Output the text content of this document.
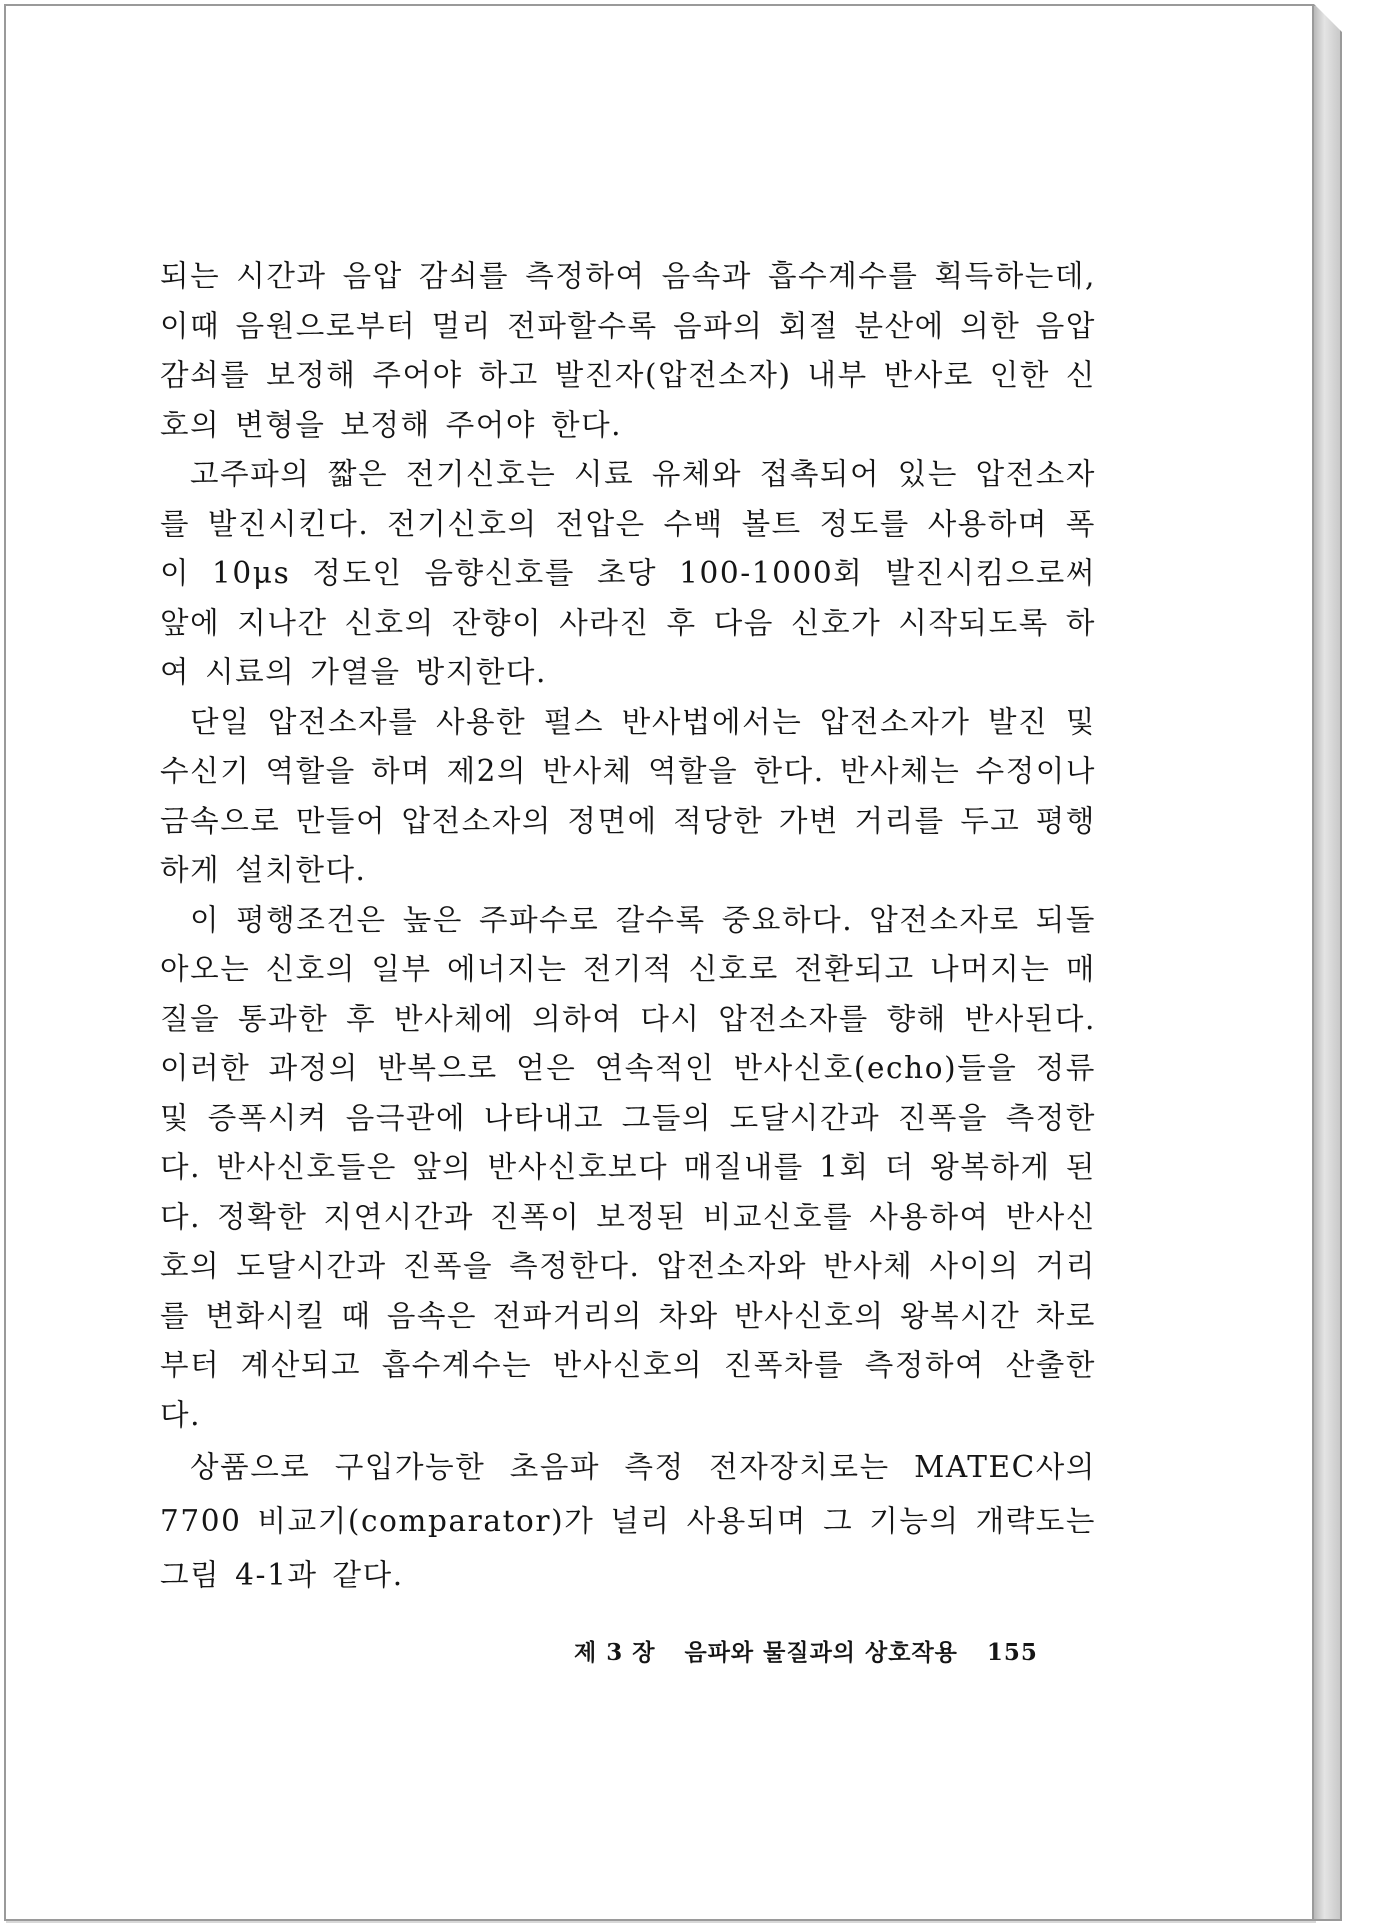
되는 시간과 음압 감쇠를 측정하여 음속과 흡수계수를 획득하는데, 이때 음원으로부터 멀리 전파할수록 음파의 회절 분산에 의한 음압 감쇠를 보정해 주어야 하고 발진자(압전소자) 내부 반사로 인한 신호의 변형을 보정해 주어야 한다.
고주파의 짧은 전기신호는 시료 유체와 접촉되어 있는 압전소자를 발진시킨다. 전기신호의 전압은 수백 볼트 정도를 사용하며 폭이 10μs 정도인 음향신호를 초당 100-1000회 발진시킴으로써 앞에 지나간 신호의 잔향이 사라진 후 다음 신호가 시작되도록 하여 시료의 가열을 방지한다.
단일 압전소자를 사용한 펄스 반사법에서는 압전소자가 발진 및 수신기 역할을 하며 제2의 반사체 역할을 한다. 반사체는 수정이나 금속으로 만들어 압전소자의 정면에 적당한 가변 거리를 두고 평행하게 설치한다.
이 평행조건은 높은 주파수로 갈수록 중요하다. 압전소자로 되돌아오는 신호의 일부 에너지는 전기적 신호로 전환되고 나머지는 매질을 통과한 후 반사체에 의하여 다시 압전소자를 향해 반사된다. 이러한 과정의 반복으로 얻은 연속적인 반사신호(echo)들을 정류 및 증폭시켜 음극관에 나타내고 그들의 도달시간과 진폭을 측정한다. 반사신호들은 앞의 반사신호보다 매질내를 1회 더 왕복하게 된다. 정확한 지연시간과 진폭이 보정된 비교신호를 사용하여 반사신호의 도달시간과 진폭을 측정한다. 압전소자와 반사체 사이의 거리를 변화시킬 때 음속은 전파거리의 차와 반사신호의 왕복시간 차로부터 계산되고 흡수계수는 반사신호의 진폭차를 측정하여 산출한다.
상품으로 구입가능한 초음파 측정 전자장치로는 MATEC사의 7700 비교기(comparator)가 널리 사용되며 그 기능의 개략도는 그림 4-1과 같다.
제 3 장 음파와 물질과의 상호작용 155
